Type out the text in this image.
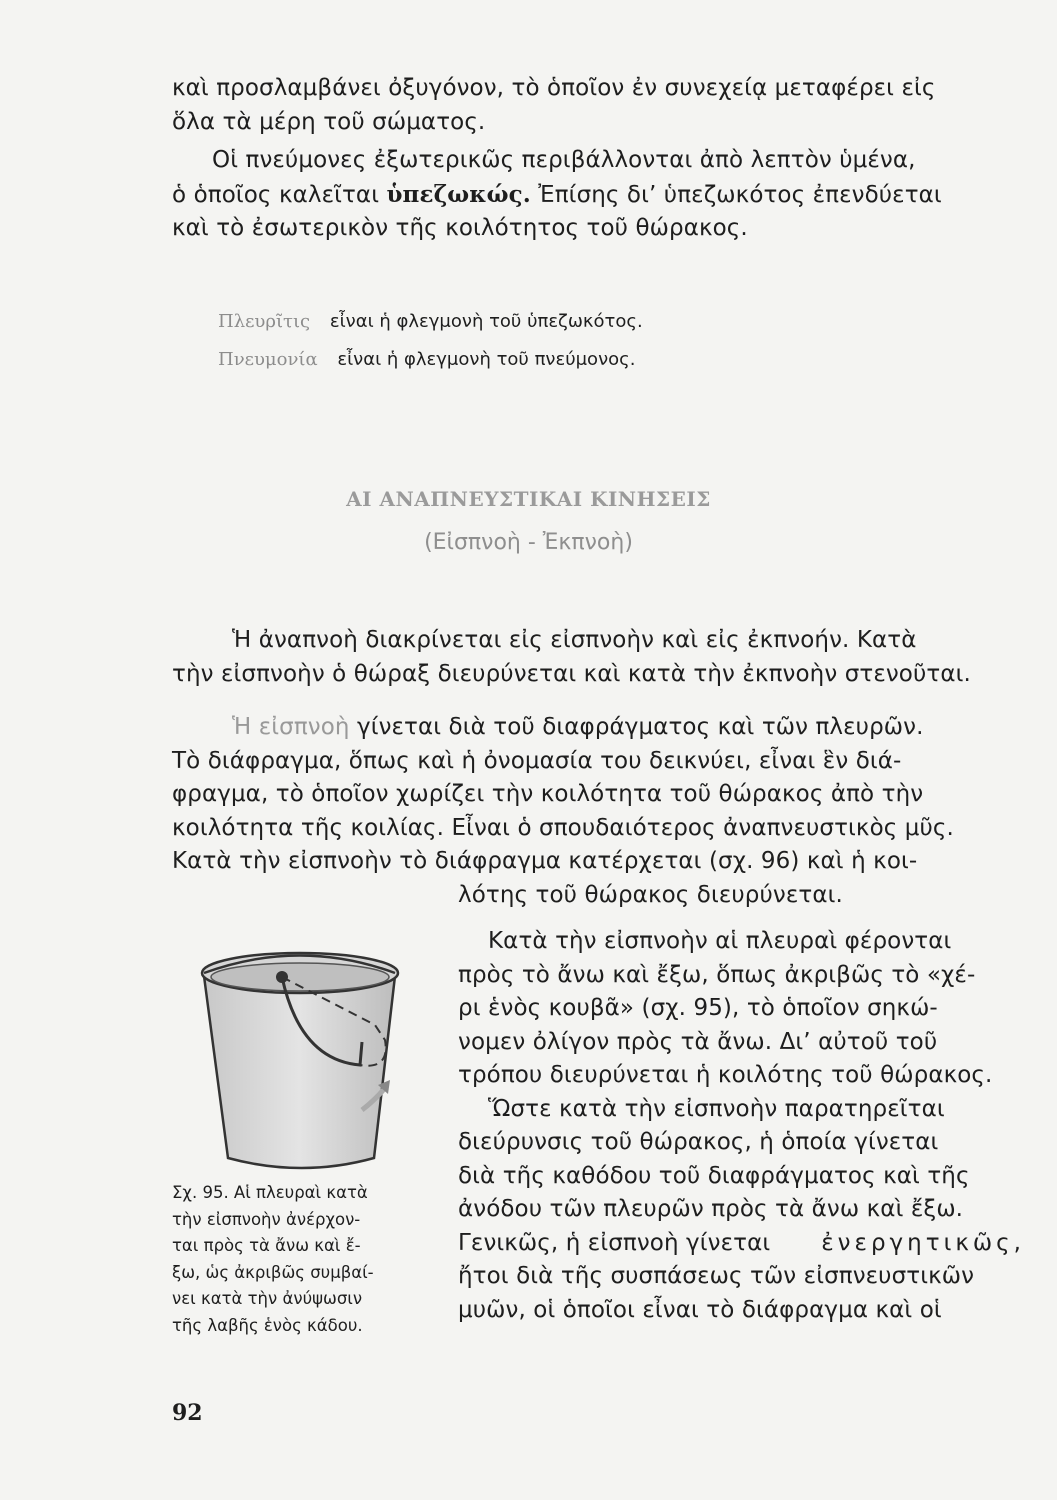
καὶ προσλαμβάνει ὀξυγόνον, τὸ ὁποῖον ἐν συνεχείᾳ μεταφέρει εἰς
ὅλα τὰ μέρη τοῦ σώματος.
Οἱ πνεύμονες ἐξωτερικῶς περιβάλλονται ἀπὸ λεπτὸν ὑμένα,
ὁ ὁποῖος καλεῖται ὑπεζωκώς. Ἐπίσης δι’ ὑπεζωκότος ἐπενδύεται
καὶ τὸ ἐσωτερικὸν τῆς κοιλότητος τοῦ θώρακος.
Πλευρῖτις εἶναι ἡ φλεγμονὴ τοῦ ὑπεζωκότος.
Πνευμονία εἶναι ἡ φλεγμονὴ τοῦ πνεύμονος.
ΑΙ ΑΝΑΠΝΕΥΣΤΙΚΑΙ ΚΙΝΗΣΕΙΣ
(Εἰσπνοὴ - Ἐκπνοὴ)
Ἡ ἀναπνοὴ διακρίνεται εἰς εἰσπνοὴν καὶ εἰς ἐκπνοήν. Κατὰ
τὴν εἰσπνοὴν ὁ θώραξ διευρύνεται καὶ κατὰ τὴν ἐκπνοὴν στενοῦται.
Ἡ εἰσπνοὴ γίνεται διὰ τοῦ διαφράγματος καὶ τῶν πλευρῶν.
Τὸ διάφραγμα, ὅπως καὶ ἡ ὀνομασία του δεικνύει, εἶναι ἓν διά-
φραγμα, τὸ ὁποῖον χωρίζει τὴν κοιλότητα τοῦ θώρακος ἀπὸ τὴν
κοιλότητα τῆς κοιλίας. Εἶναι ὁ σπουδαιότερος ἀναπνευστικὸς μῦς.
Κατὰ τὴν εἰσπνοὴν τὸ διάφραγμα κατέρχεται (σχ. 96) καὶ ἡ κοι-
λότης τοῦ θώρακος διευρύνεται.
Κατὰ τὴν εἰσπνοὴν αἱ πλευραὶ φέρονται
πρὸς τὸ ἄνω καὶ ἔξω, ὅπως ἀκριβῶς τὸ «χέ-
ρι ἑνὸς κουβᾶ» (σχ. 95), τὸ ὁποῖον σηκώ-
νομεν ὀλίγον πρὸς τὰ ἄνω. Δι’ αὐτοῦ τοῦ
τρόπου διευρύνεται ἡ κοιλότης τοῦ θώρακος.
Ὥστε κατὰ τὴν εἰσπνοὴν παρατηρεῖται
διεύρυνσις τοῦ θώρακος, ἡ ὁποία γίνεται
διὰ τῆς καθόδου τοῦ διαφράγματος καὶ τῆς
ἀνόδου τῶν πλευρῶν πρὸς τὰ ἄνω καὶ ἔξω.
Γενικῶς, ἡ εἰσπνοὴ γίνεται
ἐνεργητικῶς,
ἤτοι διὰ τῆς συσπάσεως τῶν εἰσπνευστικῶν
μυῶν, οἱ ὁποῖοι εἶναι τὸ διάφραγμα καὶ οἱ
Σχ. 95. Αἱ πλευραὶ κατὰ
τὴν εἰσπνοὴν ἀνέρχον-
ται πρὸς τὰ ἄνω καὶ ἔ-
ξω, ὡς ἀκριβῶς συμβαί-
νει κατὰ τὴν ἀνύψωσιν
τῆς λαβῆς ἑνὸς κάδου.
92
